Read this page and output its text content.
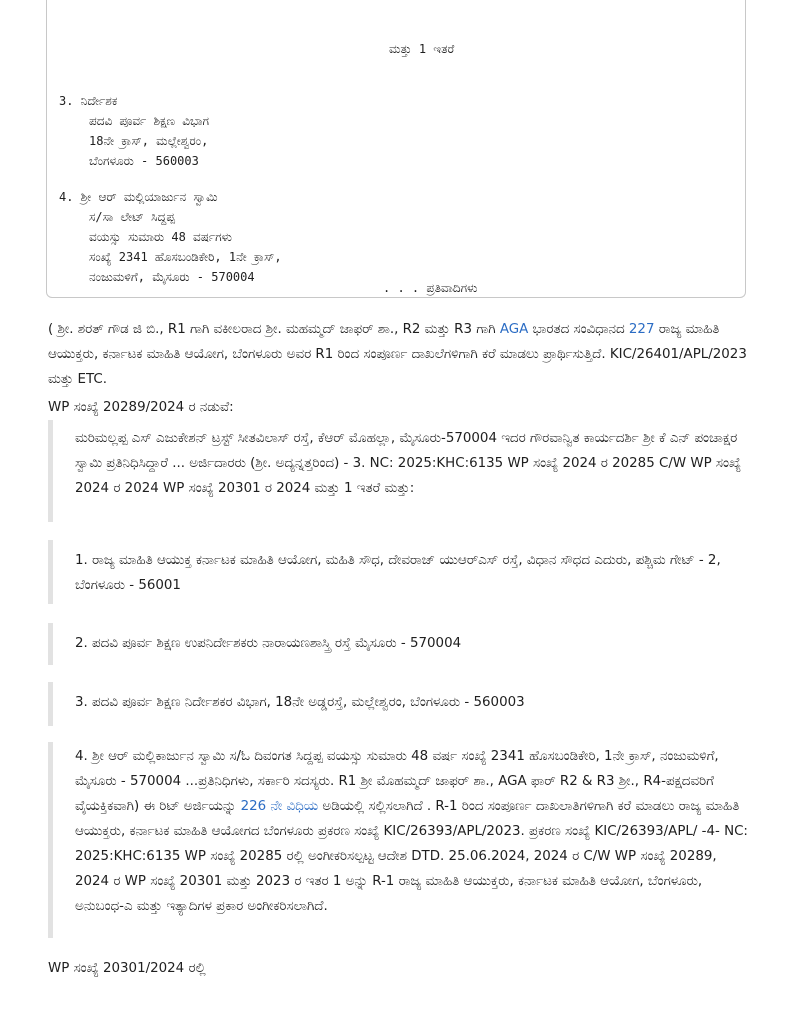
ಮತ್ತು 1 ಇತರೆ
3. ನಿರ್ದೇಶಕ
ಪದವಿ ಪೂರ್ವ ಶಿಕ್ಷಣ ವಿಭಾಗ
18ನೇ ಕ್ರಾಸ್, ಮಲ್ಲೇಶ್ವರಂ,
ಬೆಂಗಳೂರು - 560003
4. ಶ್ರೀ ಆರ್ ಮಲ್ಲಿಯಾರ್ಜುನ ಸ್ವಾಮಿ
ಸ/ಸಾ ಲೇಟ್ ಸಿದ್ದಪ್ಪ
ವಯಸ್ಸು ಸುಮಾರು 48 ವರ್ಷಗಳು
ಸಂಖ್ಯೆ 2341 ಹೊಸಬಂಡಿಕೇರಿ, 1ನೇ ಕ್ರಾಸ್,
ನಂಜುಮಳಿಗೆ, ಮೈಸೂರು - 570004
. . . ಪ್ರತಿವಾದಿಗಳು
( ಶ್ರೀ. ಶರತ್ ಗೌಡ ಜಿ ಬಿ., R1 ಗಾಗಿ ವಕೀಲರಾದ ಶ್ರೀ. ಮಹಮ್ಮದ್ ಜಾಫರ್ ಶಾ., R2 ಮತ್ತು R3 ಗಾಗಿ AGA ಭಾರತದ ಸಂವಿಧಾನದ 227 ರಾಜ್ಯ ಮಾಹಿತಿ ಆಯುಕ್ತರು, ಕರ್ನಾಟಕ ಮಾಹಿತಿ ಆಯೋಗ, ಬೆಂಗಳೂರು ಅವರ R1 ರಿಂದ ಸಂಪೂರ್ಣ ದಾಖಲೆಗಳಿಗಾಗಿ ಕರೆ ಮಾಡಲು ಪ್ರಾರ್ಥಿಸುತ್ತಿದೆ. KIC/26401/APL/2023 ಮತ್ತು ETC.
WP ಸಂಖ್ಯೆ 20289/2024 ರ ನಡುವೆ:
ಮರಿಮಲ್ಲಪ್ಪ ಎಸ್ ಎಜುಕೇಶನ್ ಟ್ರಸ್ಟ್ ಸೀತವಿಲಾಸ್ ರಸ್ತೆ, ಕೆಆರ್ ಮೊಹಲ್ಲಾ, ಮೈಸೂರು-570004 ಇದರ ಗೌರವಾನ್ವಿತ ಕಾರ್ಯದರ್ಶಿ ಶ್ರೀ ಕೆ ಎನ್ ಪಂಚಾಕ್ಷರ ಸ್ವಾಮಿ ಪ್ರತಿನಿಧಿಸಿದ್ದಾರೆ ... ಅರ್ಜಿದಾರರು (ಶ್ರೀ. ಅದ್ಯನ್ನತ್ತರಿಂದ) - 3. NC: 2025:KHC:6135 WP ಸಂಖ್ಯೆ 2024 ರ 20285 C/W WP ಸಂಖ್ಯೆ 2024 ರ 2024 WP ಸಂಖ್ಯೆ 20301 ರ 2024 ಮತ್ತು 1 ಇತರೆ ಮತ್ತು:
1. ರಾಜ್ಯ ಮಾಹಿತಿ ಆಯುಕ್ತ ಕರ್ನಾಟಕ ಮಾಹಿತಿ ಆಯೋಗ, ಮಹಿತಿ ಸೌಧ, ದೇವರಾಜ್ ಯುಆರ್‌ಎಸ್ ರಸ್ತೆ, ವಿಧಾನ ಸೌಧದ ಎದುರು, ಪಶ್ಚಿಮ ಗೇಟ್ - 2, ಬೆಂಗಳೂರು - 56001
2. ಪದವಿ ಪೂರ್ವ ಶಿಕ್ಷಣ ಉಪನಿರ್ದೇಶಕರು ನಾರಾಯಣಶಾಸ್ತ್ರಿ ರಸ್ತೆ ಮೈಸೂರು - 570004
3. ಪದವಿ ಪೂರ್ವ ಶಿಕ್ಷಣ ನಿರ್ದೇಶಕರ ವಿಭಾಗ, 18ನೇ ಅಡ್ಡರಸ್ತೆ, ಮಲ್ಲೇಶ್ವರಂ, ಬೆಂಗಳೂರು - 560003
4. ಶ್ರೀ ಆರ್ ಮಲ್ಲಿಕಾರ್ಜುನ ಸ್ವಾಮಿ ಸ/ಓ ದಿವಂಗತ ಸಿದ್ದಪ್ಪ ವಯಸ್ಸು ಸುಮಾರು 48 ವರ್ಷ ಸಂಖ್ಯೆ 2341 ಹೊಸಬಂಡಿಕೇರಿ, 1ನೇ ಕ್ರಾಸ್, ನಂಜುಮಳಿಗೆ, ಮೈಸೂರು - 570004 ...ಪ್ರತಿನಿಧಿಗಳು, ಸರ್ಕಾರಿ ಸದಸ್ಯರು. R1 ಶ್ರೀ ಮೊಹಮ್ಮದ್ ಜಾಫರ್ ಶಾ., AGA ಫಾರ್ R2 & R3 ಶ್ರೀ., R4-ಪಕ್ಷದವರಿಗೆ ವೈಯಕ್ತಿಕವಾಗಿ) ಈ ರಿಟ್ ಅರ್ಜಿಯನ್ನು 226 ನೇ ವಿಧಿಯ ಅಡಿಯಲ್ಲಿ ಸಲ್ಲಿಸಲಾಗಿದೆ . R-1 ರಿಂದ ಸಂಪೂರ್ಣ ದಾಖಲಾತಿಗಳಿಗಾಗಿ ಕರೆ ಮಾಡಲು ರಾಜ್ಯ ಮಾಹಿತಿ ಆಯುಕ್ತರು, ಕರ್ನಾಟಕ ಮಾಹಿತಿ ಆಯೋಗದ ಬೆಂಗಳೂರು ಪ್ರಕರಣ ಸಂಖ್ಯೆ KIC/26393/APL/2023. ಪ್ರಕರಣ ಸಂಖ್ಯೆ KIC/26393/APL/ -4- NC: 2025:KHC:6135 WP ಸಂಖ್ಯೆ 20285 ರಲ್ಲಿ ಅಂಗೀಕರಿಸಲ್ಪಟ್ಟ ಆದೇಶ DTD. 25.06.2024, 2024 ರ C/W WP ಸಂಖ್ಯೆ 20289, 2024 ರ WP ಸಂಖ್ಯೆ 20301 ಮತ್ತು 2023 ರ ಇತರ 1 ಅನ್ನು R-1 ರಾಜ್ಯ ಮಾಹಿತಿ ಆಯುಕ್ತರು, ಕರ್ನಾಟಕ ಮಾಹಿತಿ ಆಯೋಗ, ಬೆಂಗಳೂರು, ಅನುಬಂಧ-ಎ ಮತ್ತು ಇತ್ಯಾದಿಗಳ ಪ್ರಕಾರ ಅಂಗೀಕರಿಸಲಾಗಿದೆ.
WP ಸಂಖ್ಯೆ 20301/2024 ರಲ್ಲಿ
